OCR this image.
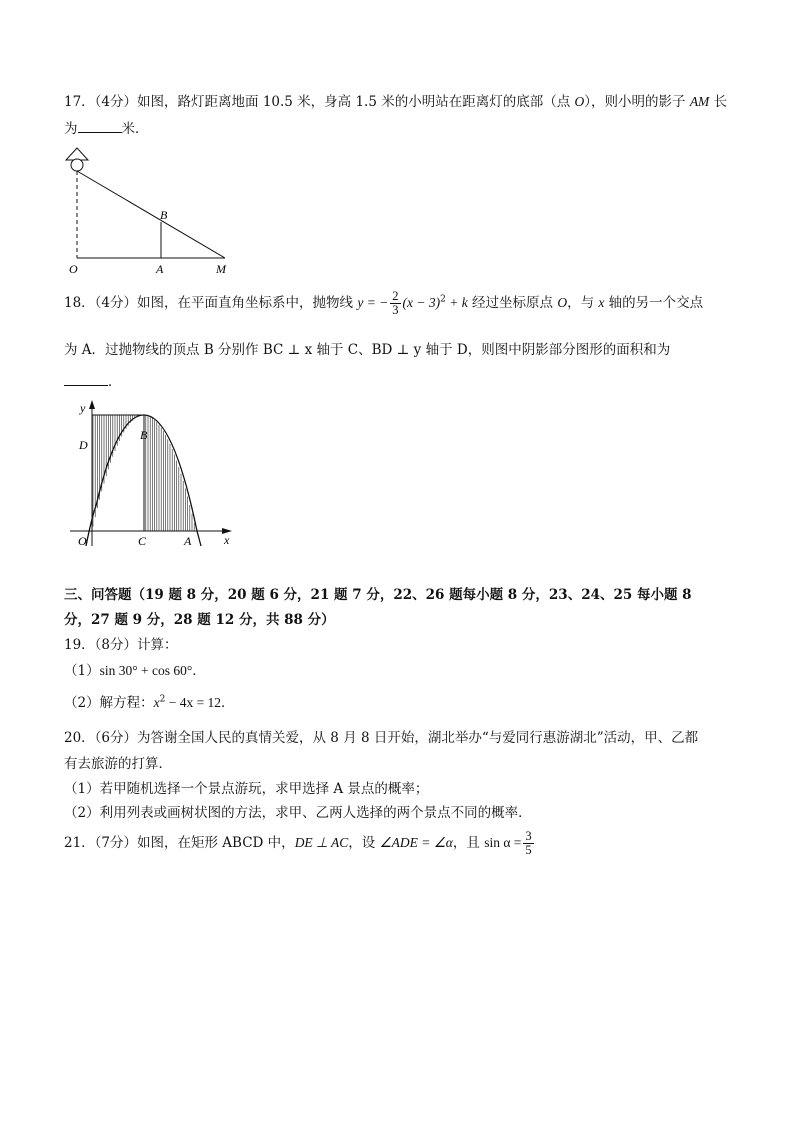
17．（4分）如图，路灯距离地面 10.5 米，身高 1.5 米的小明站在距离灯的底部（点 O），则小明的影子 AM 长
为	米．
B
O	A	M
18．（4分）如图，在平面直角坐标系中，抛物线 y = − $\frac{2}{3} (x - 3)^2 + k$ 经过坐标原点 O，与 x 轴的另一个交点
为 A．过抛物线的顶点 B 分别作 BC ⊥ x 轴于 C、BD ⊥ y 轴于 D，则图中阴影部分图形的面积和为
．
y
x
D
B
O	C	A
三、问答题（19 题 8 分，20 题 6 分，21 题 7 分，22、26 题每小题 8 分，23、24、25 每小题 8
分，27 题 9 分，28 题 12 分，共 88 分）
19．（8分）计算：
（1）sin 30° + cos 60°．
（2）解方程：$x^2 - 4x = 12$．
20．（6分）为答谢全国人民的真情关爱，从 8 月 8 日开始，湖北举办“与爱同行惠游湖北”活动，甲、乙都
有去旅游的打算．
（1）若甲随机选择一个景点游玩，求甲选择 A 景点的概率；
（2）利用列表或画树状图的方法，求甲、乙两人选择的两个景点不同的概率．
21．（7分）如图，在矩形 ABCD 中，DE ⊥ AC，设 ∠ADE = ∠α，且 $\sin \alpha = \frac{3}{5}$
